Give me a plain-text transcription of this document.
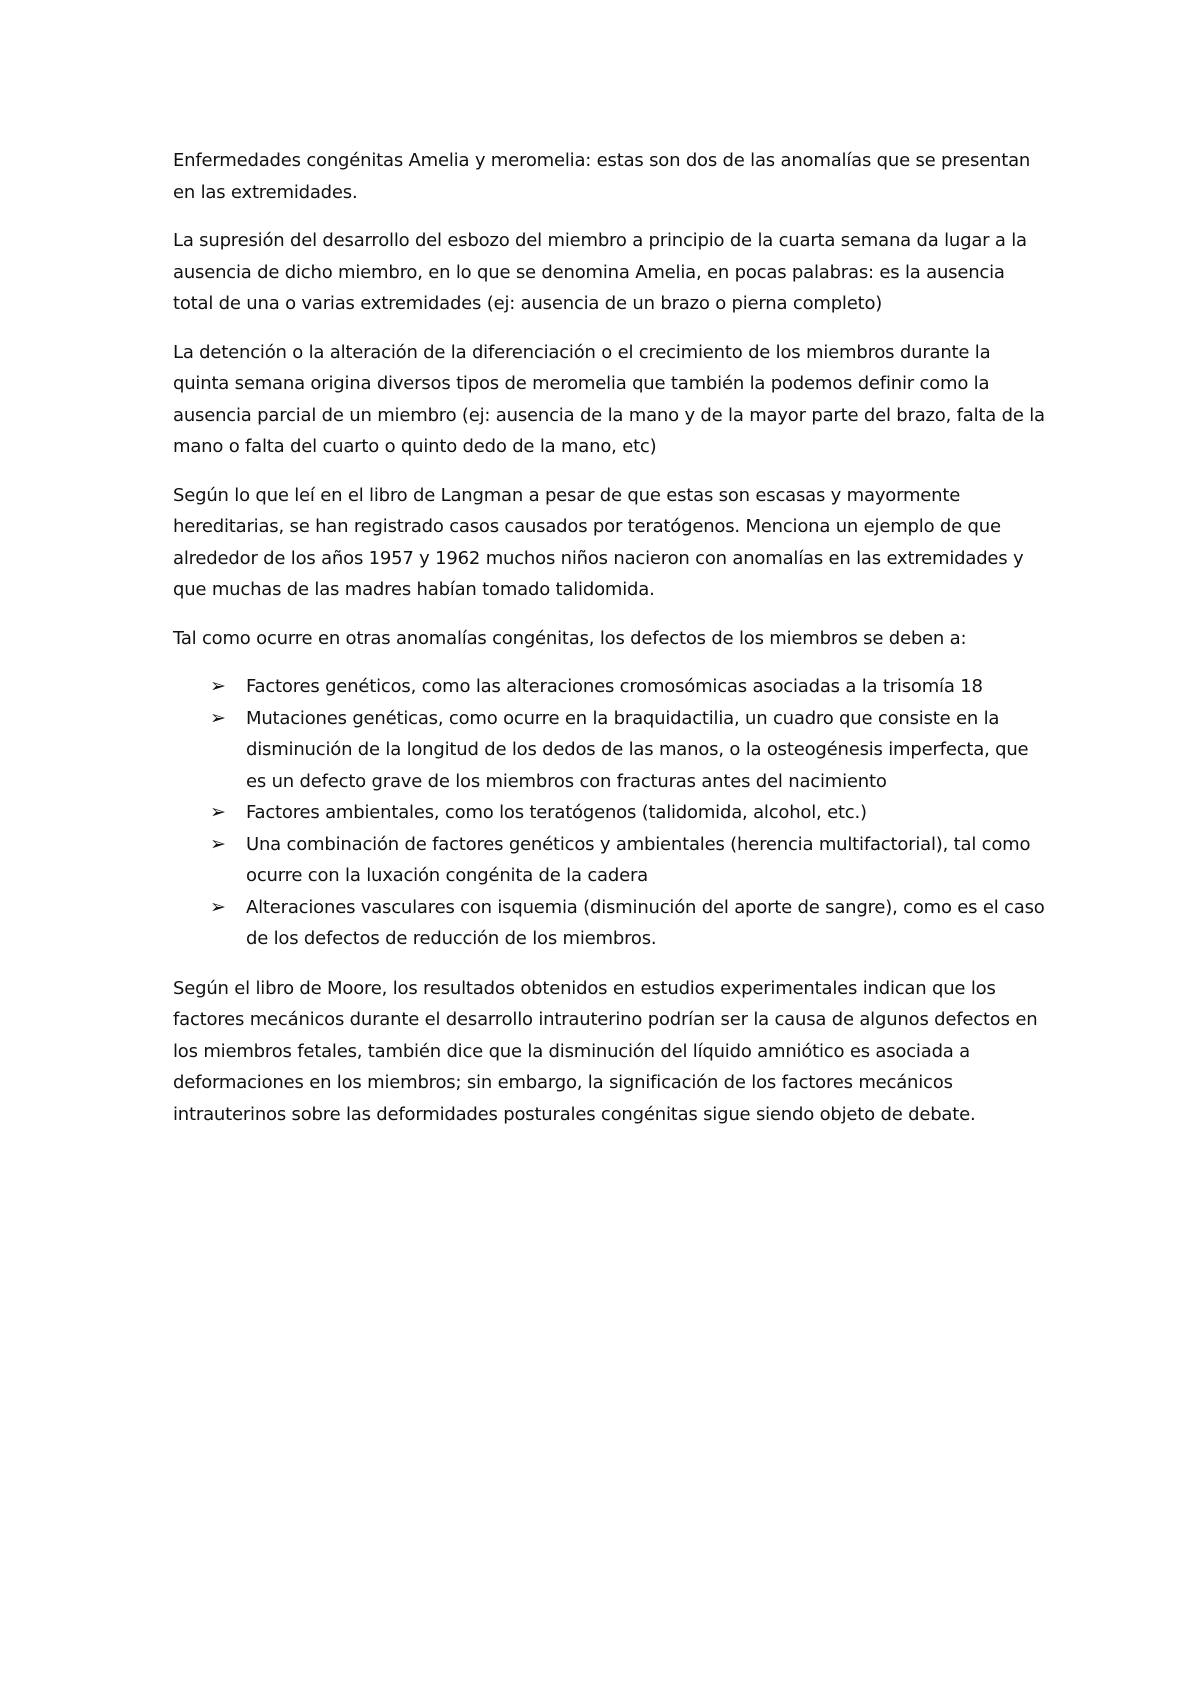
Enfermedades congénitas Amelia y meromelia: estas son dos de las anomalías que se presentan en las extremidades.

La supresión del desarrollo del esbozo del miembro a principio de la cuarta semana da lugar a la ausencia de dicho miembro, en lo que se denomina Amelia, en pocas palabras: es la ausencia total de una o varias extremidades (ej: ausencia de un brazo o pierna completo)

La detención o la alteración de la diferenciación o el crecimiento de los miembros durante la quinta semana origina diversos tipos de meromelia que también la podemos definir como la ausencia parcial de un miembro (ej: ausencia de la mano y de la mayor parte del brazo, falta de la mano o falta del cuarto o quinto dedo de la mano, etc)

Según lo que leí en el libro de Langman a pesar de que estas son escasas y mayormente hereditarias, se han registrado casos causados por teratógenos. Menciona un ejemplo de que alrededor de los años 1957 y 1962 muchos niños nacieron con anomalías en las extremidades y que muchas de las madres habían tomado talidomida.

Tal como ocurre en otras anomalías congénitas, los defectos de los miembros se deben a:

➢ Factores genéticos, como las alteraciones cromosómicas asociadas a la trisomía 18
➢ Mutaciones genéticas, como ocurre en la braquidactilia, un cuadro que consiste en la disminución de la longitud de los dedos de las manos, o la osteogénesis imperfecta, que es un defecto grave de los miembros con fracturas antes del nacimiento
➢ Factores ambientales, como los teratógenos (talidomida, alcohol, etc.)
➢ Una combinación de factores genéticos y ambientales (herencia multifactorial), tal como ocurre con la luxación congénita de la cadera
➢ Alteraciones vasculares con isquemia (disminución del aporte de sangre), como es el caso de los defectos de reducción de los miembros.

Según el libro de Moore, los resultados obtenidos en estudios experimentales indican que los factores mecánicos durante el desarrollo intrauterino podrían ser la causa de algunos defectos en los miembros fetales, también dice que la disminución del líquido amniótico es asociada a deformaciones en los miembros; sin embargo, la significación de los factores mecánicos intrauterinos sobre las deformidades posturales congénitas sigue siendo objeto de debate.
